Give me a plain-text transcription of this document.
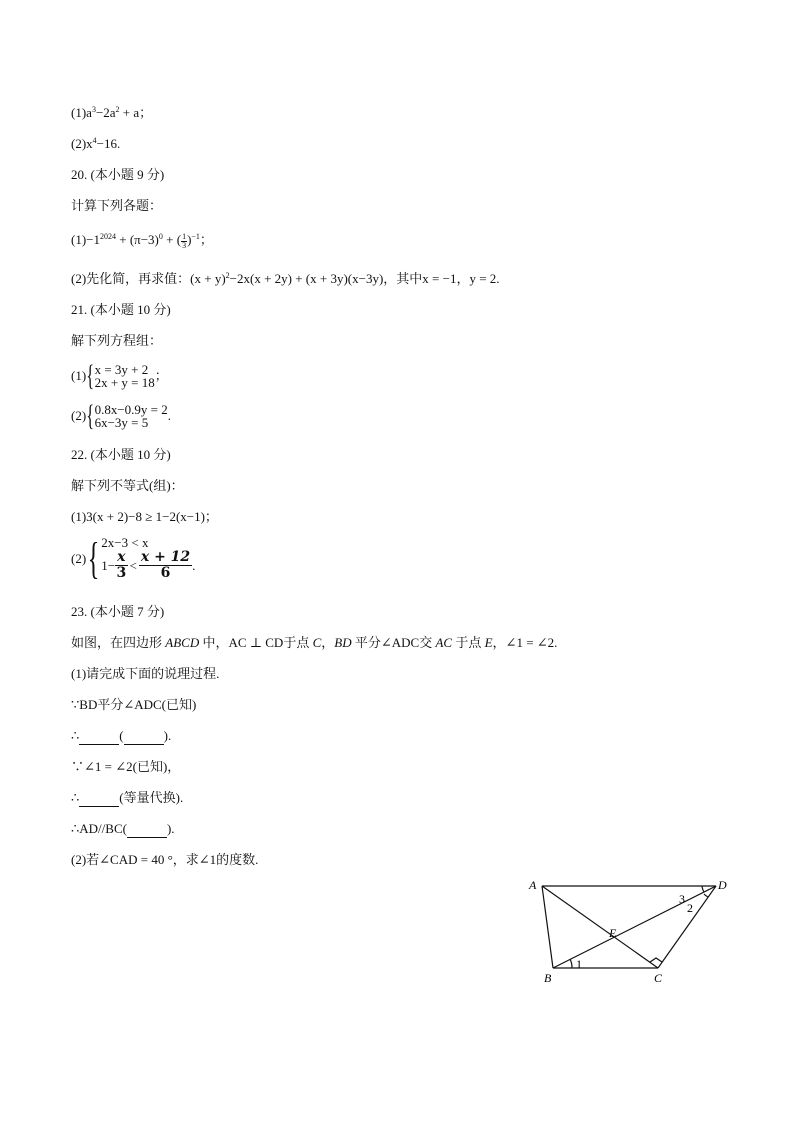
$(1)a^3-2a^2 + a$；
$(2)x^4-16$.
20. (本小题 9 分)
计算下列各题：
$(1)-1^{2024} + (\pi-3)^0$ + ( $\frac{1}{3} )^{-1}$；
(2)先化简，再求值：$(x + y)^2-2x(x + 2y) + (x + 3y)(x-3y)$，其中x = −1，y = 2.
21. (本小题 10 分)
解下列方程组：
(1) { x = 3y + 2
2x + y = 18 ；
(2) { 0.8x−0.9y = 2
6x−3y = 5	.
22. (本小题 10 分)
解下列不等式(组)：
(1)3(x + 2)−8 ≥ 1−2(x−1)；
(2) { 2x−3 < x
$1- \frac{x}{3} < x + 12$
6	.
23. (本小题 7 分)
如图，在四边形 ABCD 中，AC ⊥ CD于点 C，BD 平分∠ADC交 AC 于点 E，∠1 = ∠2.
(1)请完成下面的说理过程.
∵BD平分∠ADC(已知)
∴	(	).
∵∠1 = ∠2(已知)，
∴	(等量代换).
∴AD//BC(	).
(2)若∠CAD = 40 °，求∠1的度数.
A	D
B	C
E
1
3
2
